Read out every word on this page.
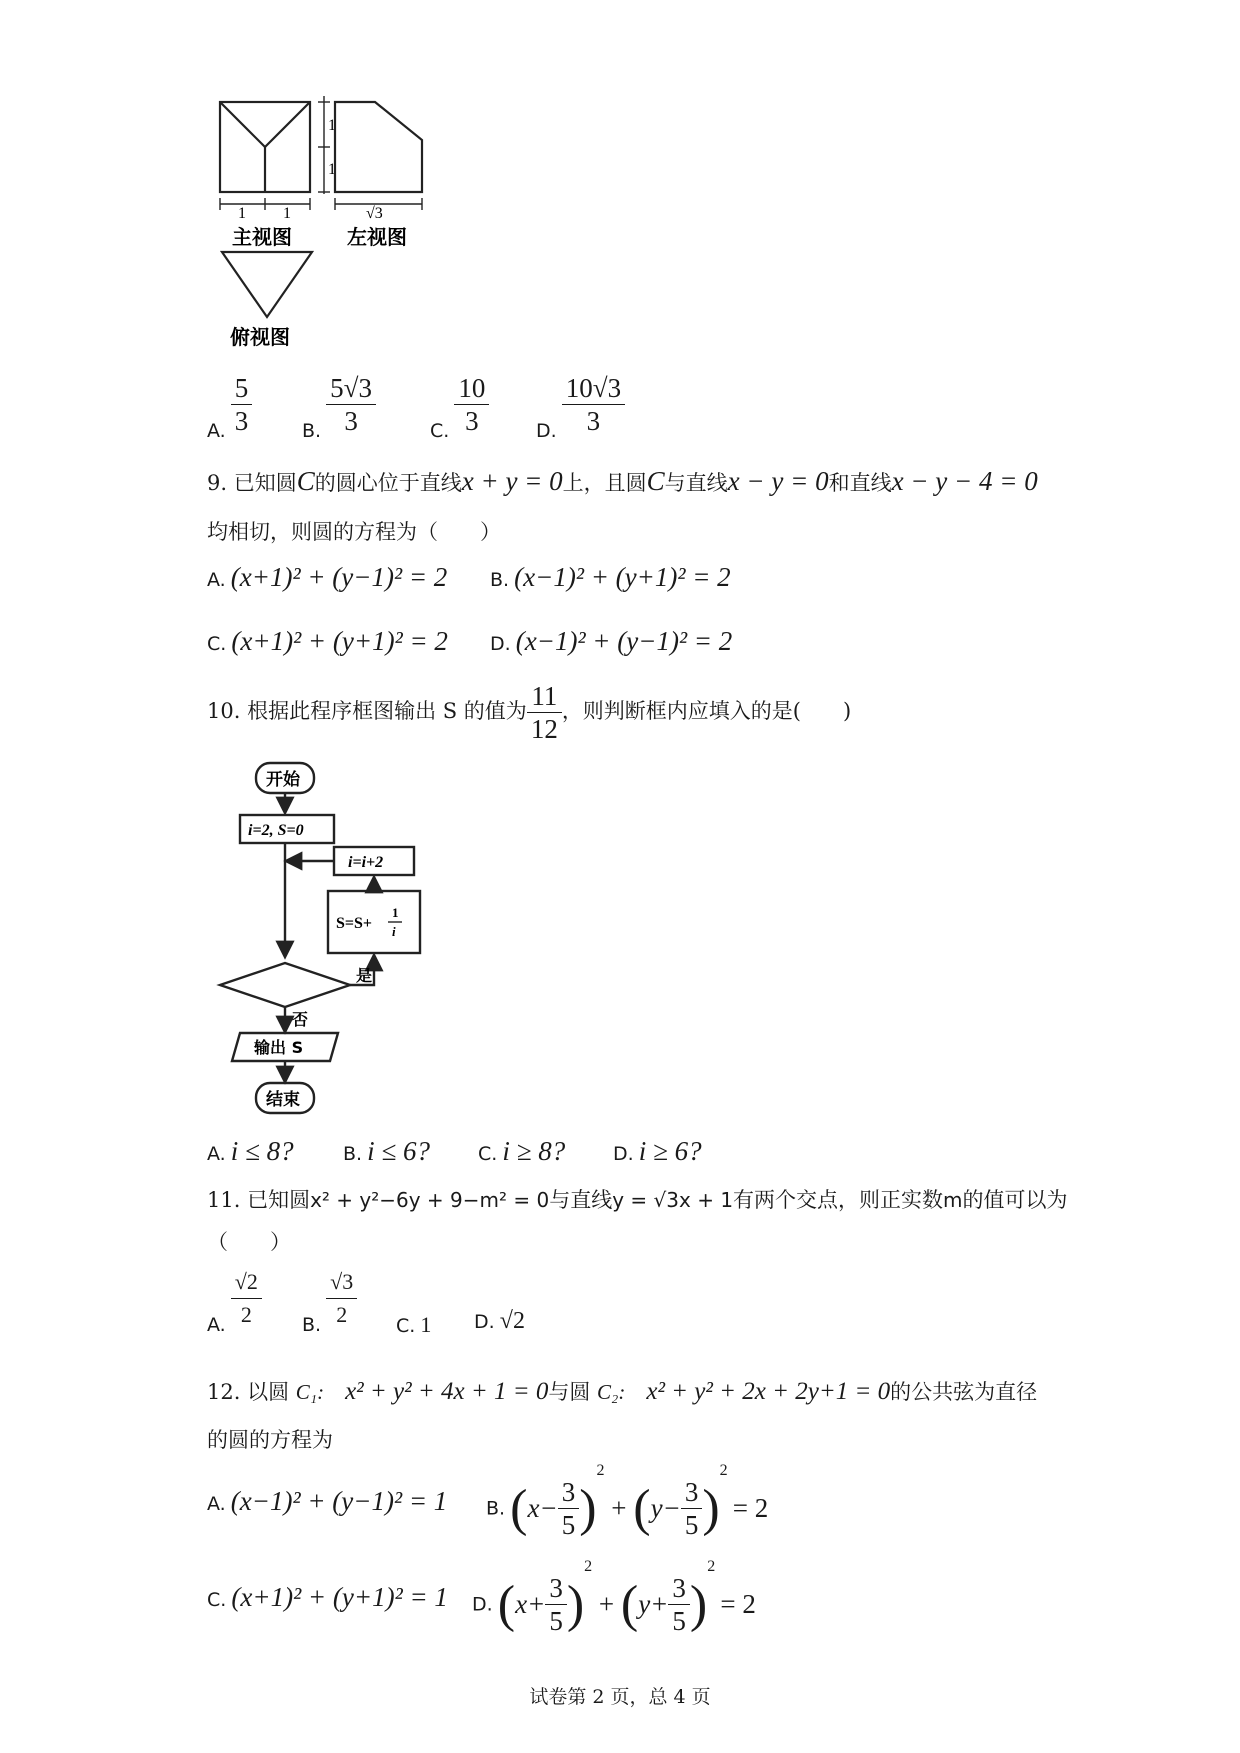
1
1
1 1
主视图
√3
左视图
俯视图
A. $\frac{5}{3}$	B. $\frac{5√3}{3}$	C. $\frac{10}{3} D$. $\frac{10√3}{3}$
9. 已知圆C的圆心位于直线x + y = 0上，且圆C与直线x − y = 0和直线x − y − 4 = 0
均相切，则圆的方程为（　　）
A. (x+1)² + (y−1)² = 2 B. (x−1)² + (y+1)² = 2
C. (x+1)² + (y+1)² = 2 D. (x−1)² + (y−1)² = 2
10. 根据此程序框图输出 S 的值为 $\frac{11}{12}$ ，则判断框内应填入的是(　　)
开始
i=2, S=0
i=i+2
S=S+
1
i
是
否
输出 S
结束
A. i ≤ 8?	B. i ≤ 6?	C. i ≥ 8?	D. i ≥ 6?
11. 已知圆x² + y²−6y + 9−m² = 0与直线y = √3x + 1有两个交点，则正实数m的值可以为
（　　）
A. $\frac{√2}{2} B$. $\frac{√3}{2} C$. 1 D. √2
12. 以圆 C₁:　 x² + y² + 4x + 1 = 0与圆 C₂:　 x² + y² + 2x + 2y+1 = 0的公共弦为直径
的圆的方程为
A. (x−1)² + (y−1)² = 1 B. $(x- \frac{3}{5} )^2 + (y- \frac{3}{5} )^2 = 2$
C. (x+1)² + (y+1)² = 1 D. $(x+ \frac{3}{5} )^2 + (y+ \frac{3}{5} )^2 = 2$
试卷第 2 页，总 4 页
